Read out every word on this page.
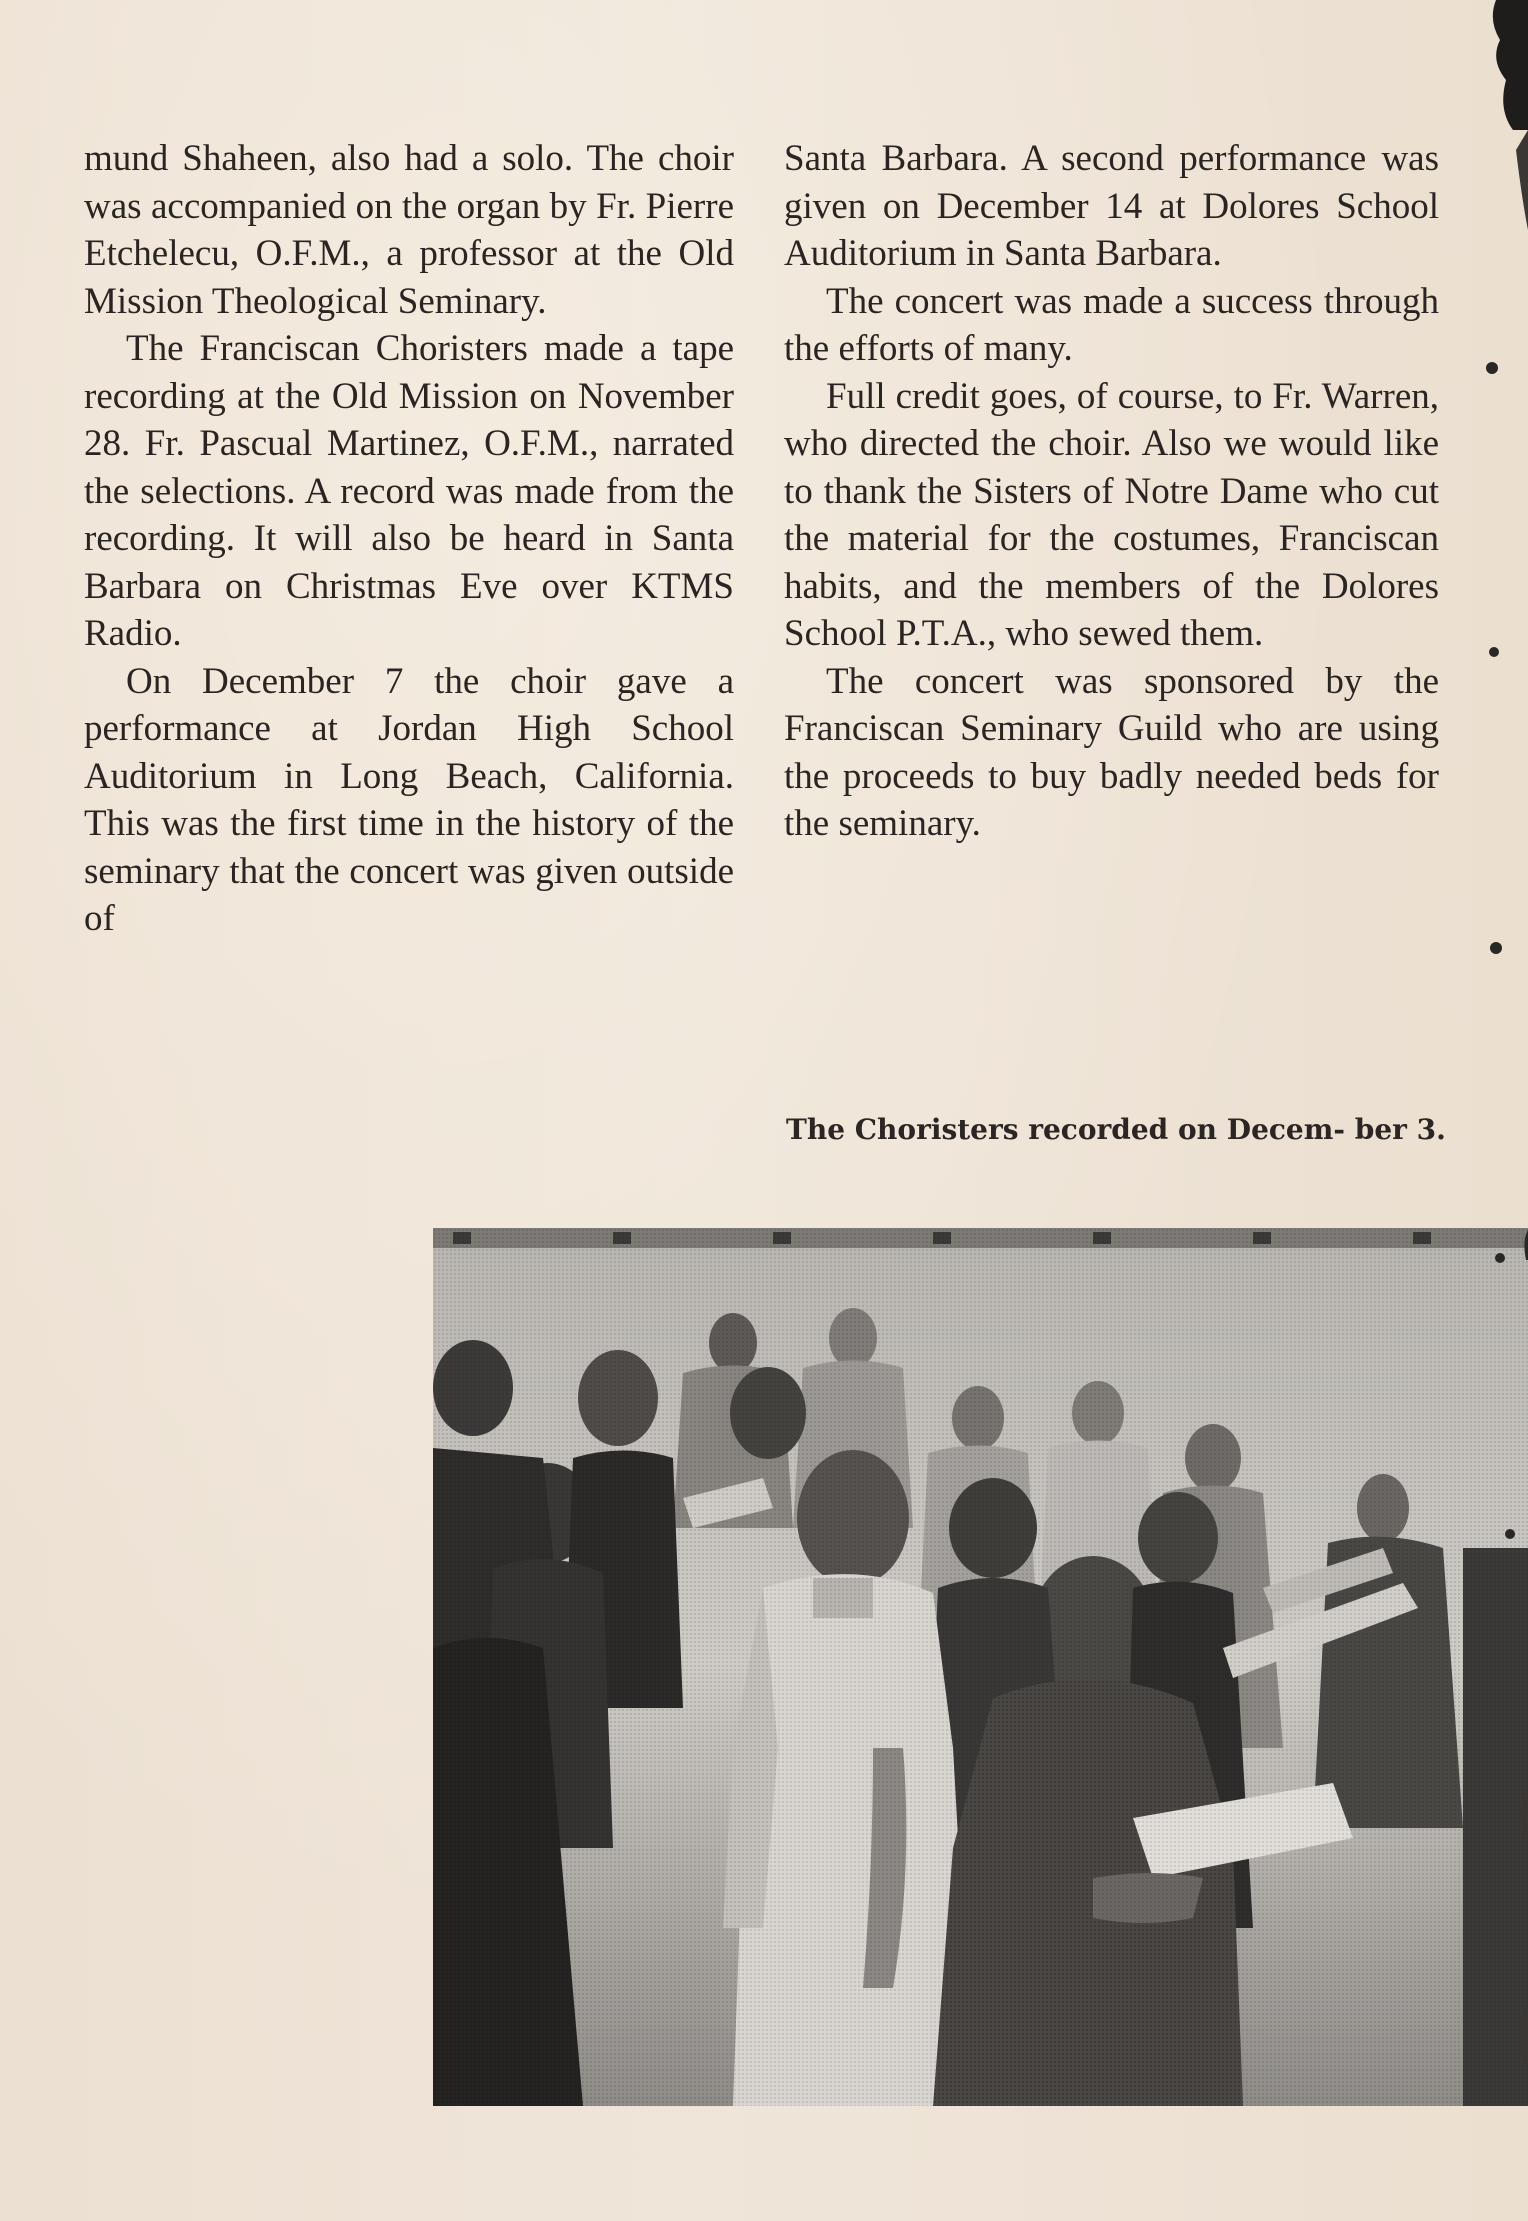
mund Shaheen, also had a solo. The choir was accompanied on the organ by Fr. Pierre Etchelecu, O.F.M., a professor at the Old Mission Theological Seminary.

The Franciscan Choristers made a tape recording at the Old Mission on November 28. Fr. Pascual Martinez, O.F.M., narrated the selections. A record was made from the recording. It will also be heard in Santa Barbara on Christmas Eve over KTMS Radio.

On December 7 the choir gave a performance at Jordan High School Auditorium in Long Beach, California. This was the first time in the history of the seminary that the concert was given outside of

Santa Barbara. A second performance was given on December 14 at Dolores School Auditorium in Santa Barbara.

The concert was made a success through the efforts of many.

Full credit goes, of course, to Fr. Warren, who directed the choir. Also we would like to thank the Sisters of Notre Dame who cut the material for the costumes, Franciscan habits, and the members of the Dolores School P.T.A., who sewed them.

The concert was sponsored by the Franciscan Seminary Guild who are using the proceeds to buy badly needed beds for the seminary.

The Choristers recorded on Decem- ber 3.
